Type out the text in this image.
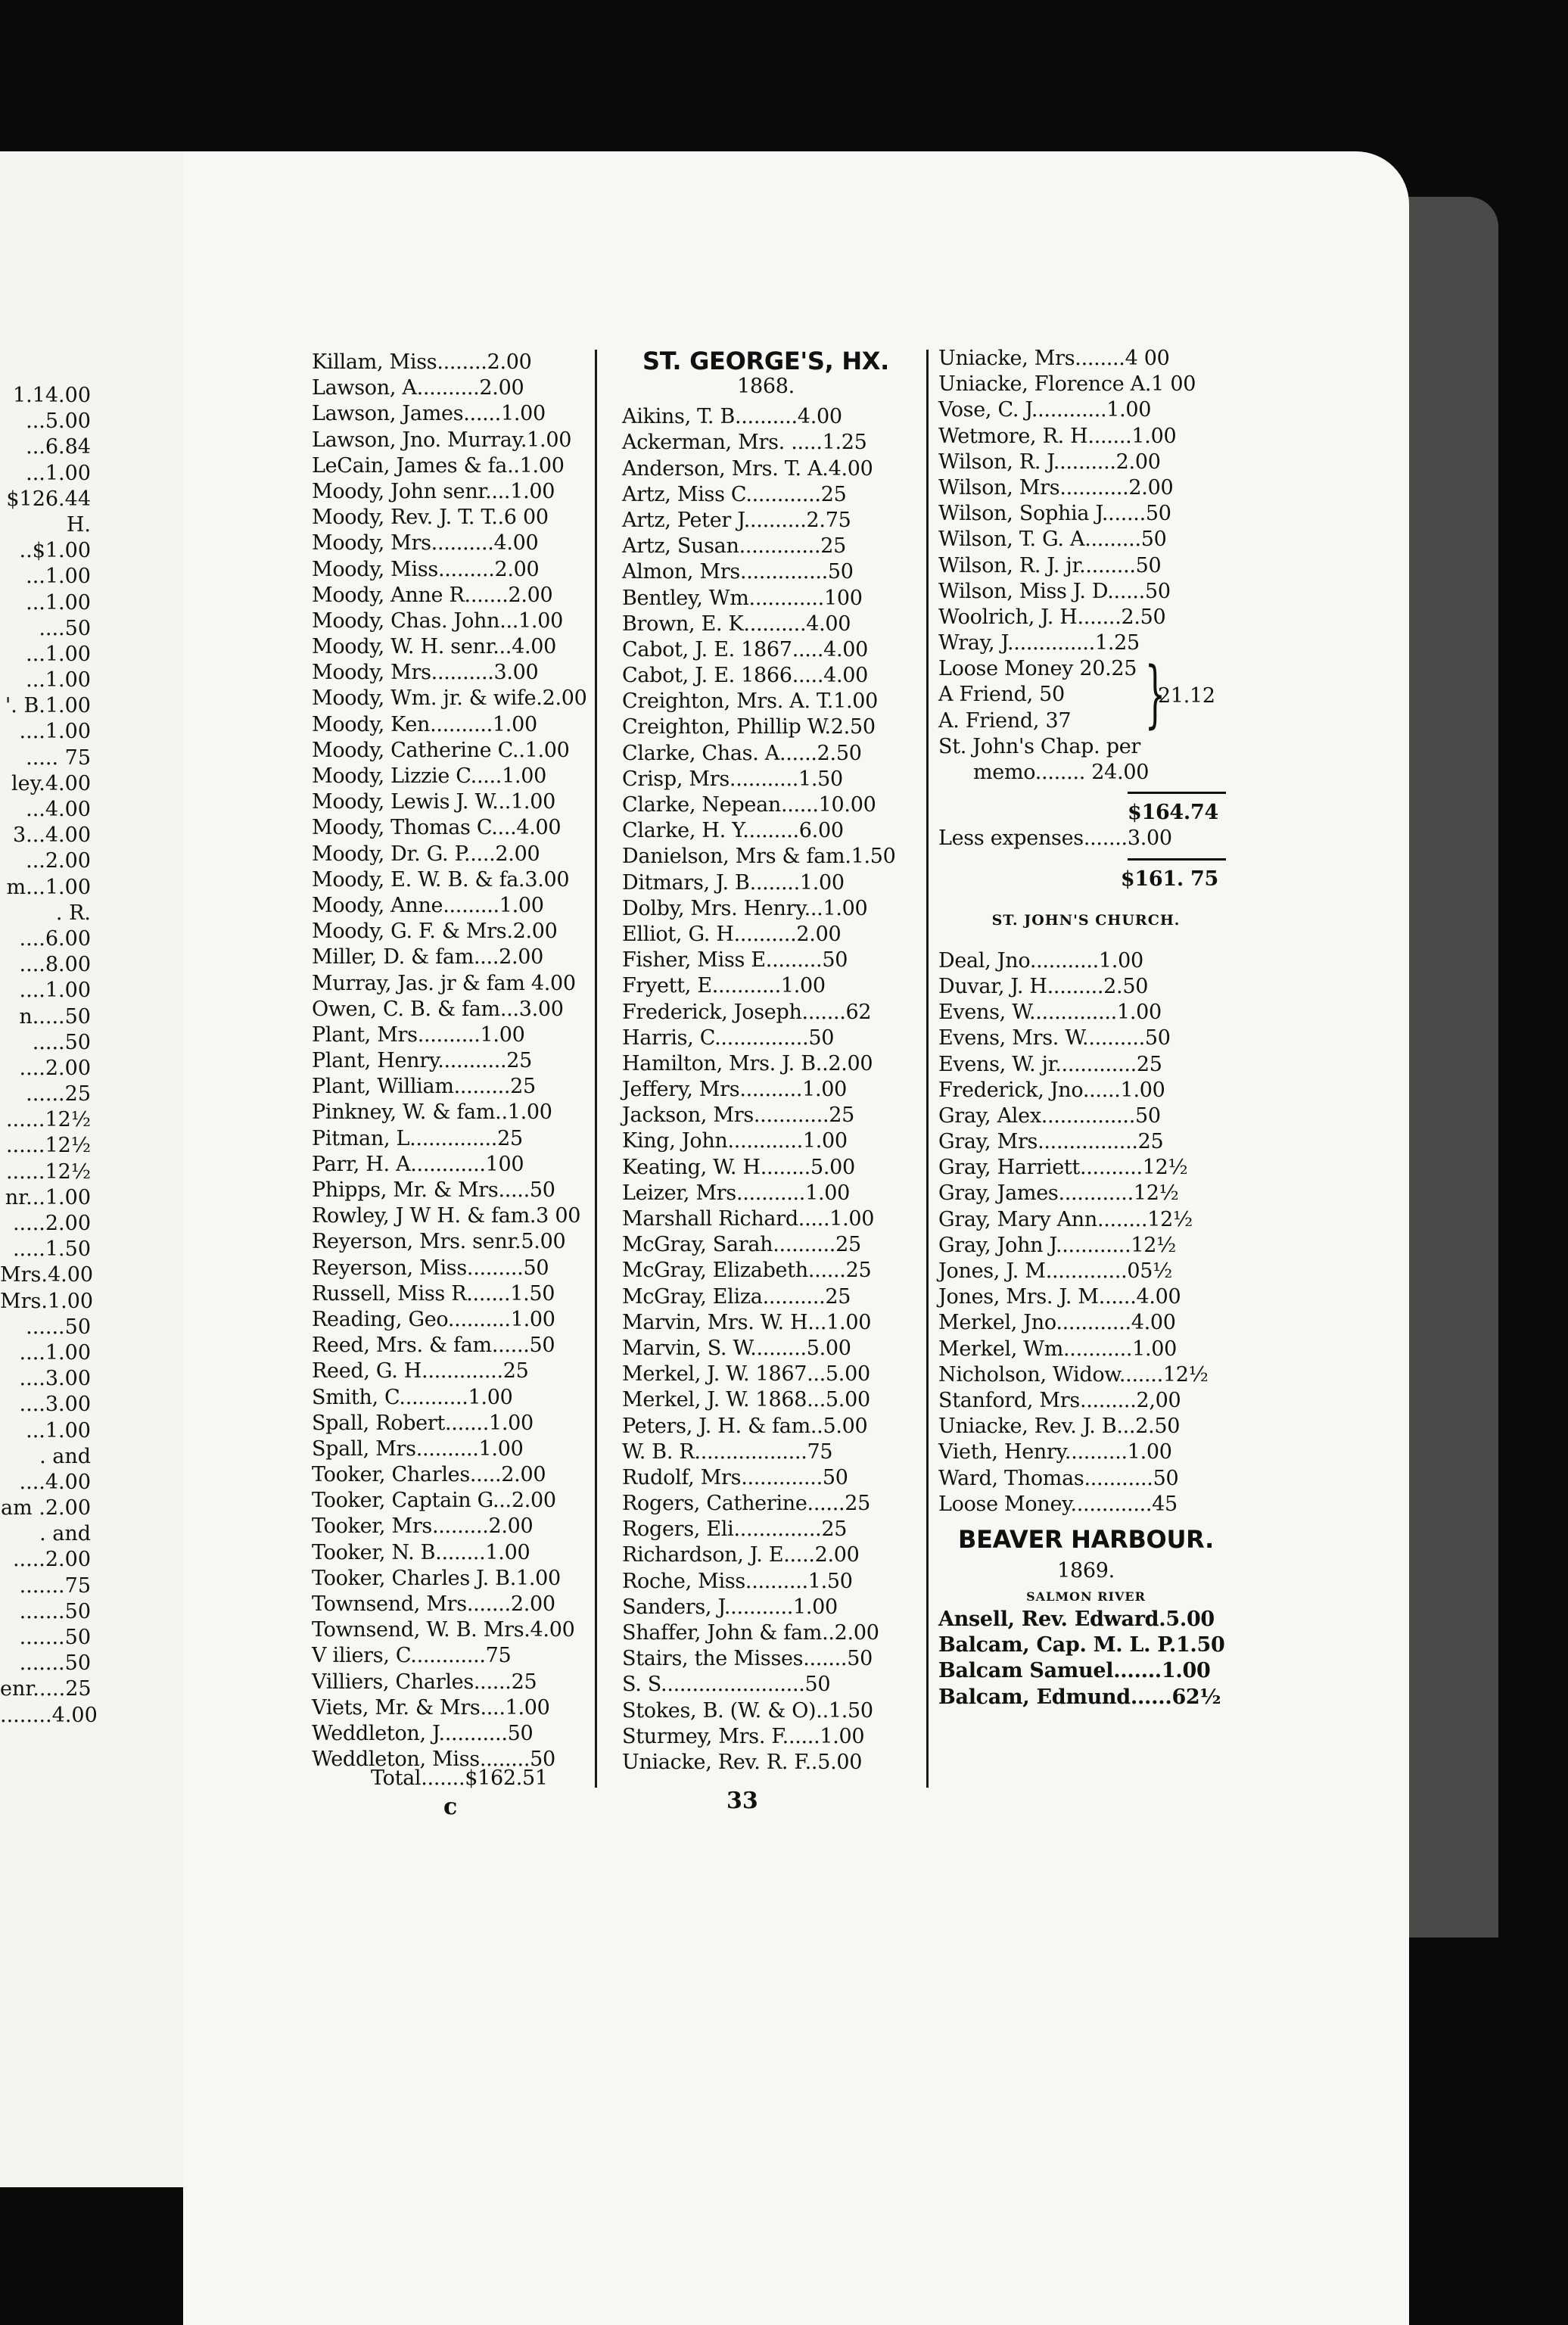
1.14.00
...5.00
...6.84
...1.00
$126.44
H.
..$1.00
...1.00
...1.00
....50
...1.00
...1.00
'. B.1.00
....1.00
..... 75
ley.4.00
...4.00
3...4.00
...2.00
m...1.00
. R.
....6.00
....8.00
....1.00
n.....50
.....50
....2.00
......25
......12½
......12½
......12½
nr...1.00
.....2.00
.....1.50
Mrs.4.00
Mrs.1.00
......50
....1.00
....3.00
....3.00
...1.00
. and
....4.00
am .2.00
. and
.....2.00
.......75
.......50
.......50
.......50
enr.....25
........4.00
Killam, Miss........2.00
Lawson, A..........2.00
Lawson, James......1.00
Lawson, Jno. Murray.1.00
LeCain, James & fa..1.00
Moody, John senr....1.00
Moody, Rev. J. T. T..6 00
Moody, Mrs..........4.00
Moody, Miss.........2.00
Moody, Anne R.......2.00
Moody, Chas. John...1.00
Moody, W. H. senr...4.00
Moody, Mrs..........3.00
Moody, Wm. jr. & wife.2.00
Moody, Ken..........1.00
Moody, Catherine C..1.00
Moody, Lizzie C.....1.00
Moody, Lewis J. W...1.00
Moody, Thomas C....4.00
Moody, Dr. G. P.....2.00
Moody, E. W. B. & fa.3.00
Moody, Anne.........1.00
Moody, G. F. & Mrs.2.00
Miller, D. & fam....2.00
Murray, Jas. jr & fam 4.00
Owen, C. B. & fam...3.00
Plant, Mrs..........1.00
Plant, Henry...........25
Plant, William.........25
Pinkney, W. & fam..1.00
Pitman, L..............25
Parr, H. A............100
Phipps, Mr. & Mrs.....50
Rowley, J W H. & fam.3 00
Reyerson, Mrs. senr.5.00
Reyerson, Miss.........50
Russell, Miss R.......1.50
Reading, Geo..........1.00
Reed, Mrs. & fam......50
Reed, G. H.............25
Smith, C...........1.00
Spall, Robert.......1.00
Spall, Mrs..........1.00
Tooker, Charles.....2.00
Tooker, Captain G...2.00
Tooker, Mrs.........2.00
Tooker, N. B........1.00
Tooker, Charles J. B.1.00
Townsend, Mrs.......2.00
Townsend, W. B. Mrs.4.00
V iliers, C............75
Villiers, Charles......25
Viets, Mr. & Mrs....1.00
Weddleton, J...........50
Weddleton, Miss........50
Total.......$162.51
ST. GEORGE'S, HX.
1868.
Aikins, T. B..........4.00
Ackerman, Mrs. .....1.25
Anderson, Mrs. T. A.4.00
Artz, Miss C............25
Artz, Peter J..........2.75
Artz, Susan.............25
Almon, Mrs..............50
Bentley, Wm............100
Brown, E. K..........4.00
Cabot, J. E. 1867.....4.00
Cabot, J. E. 1866.....4.00
Creighton, Mrs. A. T.1.00
Creighton, Phillip W.2.50
Clarke, Chas. A......2.50
Crisp, Mrs...........1.50
Clarke, Nepean......10.00
Clarke, H. Y.........6.00
Danielson, Mrs & fam.1.50
Ditmars, J. B........1.00
Dolby, Mrs. Henry...1.00
Elliot, G. H..........2.00
Fisher, Miss E.........50
Fryett, E...........1.00
Frederick, Joseph.......62
Harris, C...............50
Hamilton, Mrs. J. B..2.00
Jeffery, Mrs..........1.00
Jackson, Mrs............25
King, John............1.00
Keating, W. H........5.00
Leizer, Mrs...........1.00
Marshall Richard.....1.00
McGray, Sarah..........25
McGray, Elizabeth......25
McGray, Eliza..........25
Marvin, Mrs. W. H...1.00
Marvin, S. W.........5.00
Merkel, J. W. 1867...5.00
Merkel, J. W. 1868...5.00
Peters, J. H. & fam..5.00
W. B. R..................75
Rudolf, Mrs.............50
Rogers, Catherine......25
Rogers, Eli..............25
Richardson, J. E.....2.00
Roche, Miss..........1.50
Sanders, J...........1.00
Shaffer, John & fam..2.00
Stairs, the Misses.......50
S. S.......................50
Stokes, B. (W. & O)..1.50
Sturmey, Mrs. F......1.00
Uniacke, Rev. R. F..5.00
Uniacke, Mrs........4 00
Uniacke, Florence A.1 00
Vose, C. J............1.00
Wetmore, R. H.......1.00
Wilson, R. J..........2.00
Wilson, Mrs...........2.00
Wilson, Sophia J.......50
Wilson, T. G. A.........50
Wilson, R. J. jr.........50
Wilson, Miss J. D......50
Woolrich, J. H.......2.50
Wray, J..............1.25
Loose Money 20.25
A Friend, 50
A. Friend, 37	}
21.12
St. John's Chap. per
memo........ 24.00
$164.74
Less expenses.......3.00
$161. 75
ST. JOHN'S CHURCH.
Deal, Jno...........1.00
Duvar, J. H.........2.50
Evens, W..............1.00
Evens, Mrs. W..........50
Evens, W. jr.............25
Frederick, Jno......1.00
Gray, Alex...............50
Gray, Mrs................25
Gray, Harriett..........12½
Gray, James............12½
Gray, Mary Ann........12½
Gray, John J............12½
Jones, J. M.............05½
Jones, Mrs. J. M......4.00
Merkel, Jno............4.00
Merkel, Wm...........1.00
Nicholson, Widow.......12½
Stanford, Mrs.........2,00
Uniacke, Rev. J. B...2.50
Vieth, Henry..........1.00
Ward, Thomas...........50
Loose Money.............45
BEAVER HARBOUR.
1869.
SALMON RIVER
Ansell, Rev. Edward.5.00
Balcam, Cap. M. L. P.1.50
Balcam Samuel.......1.00
Balcam, Edmund......62½
c	33
